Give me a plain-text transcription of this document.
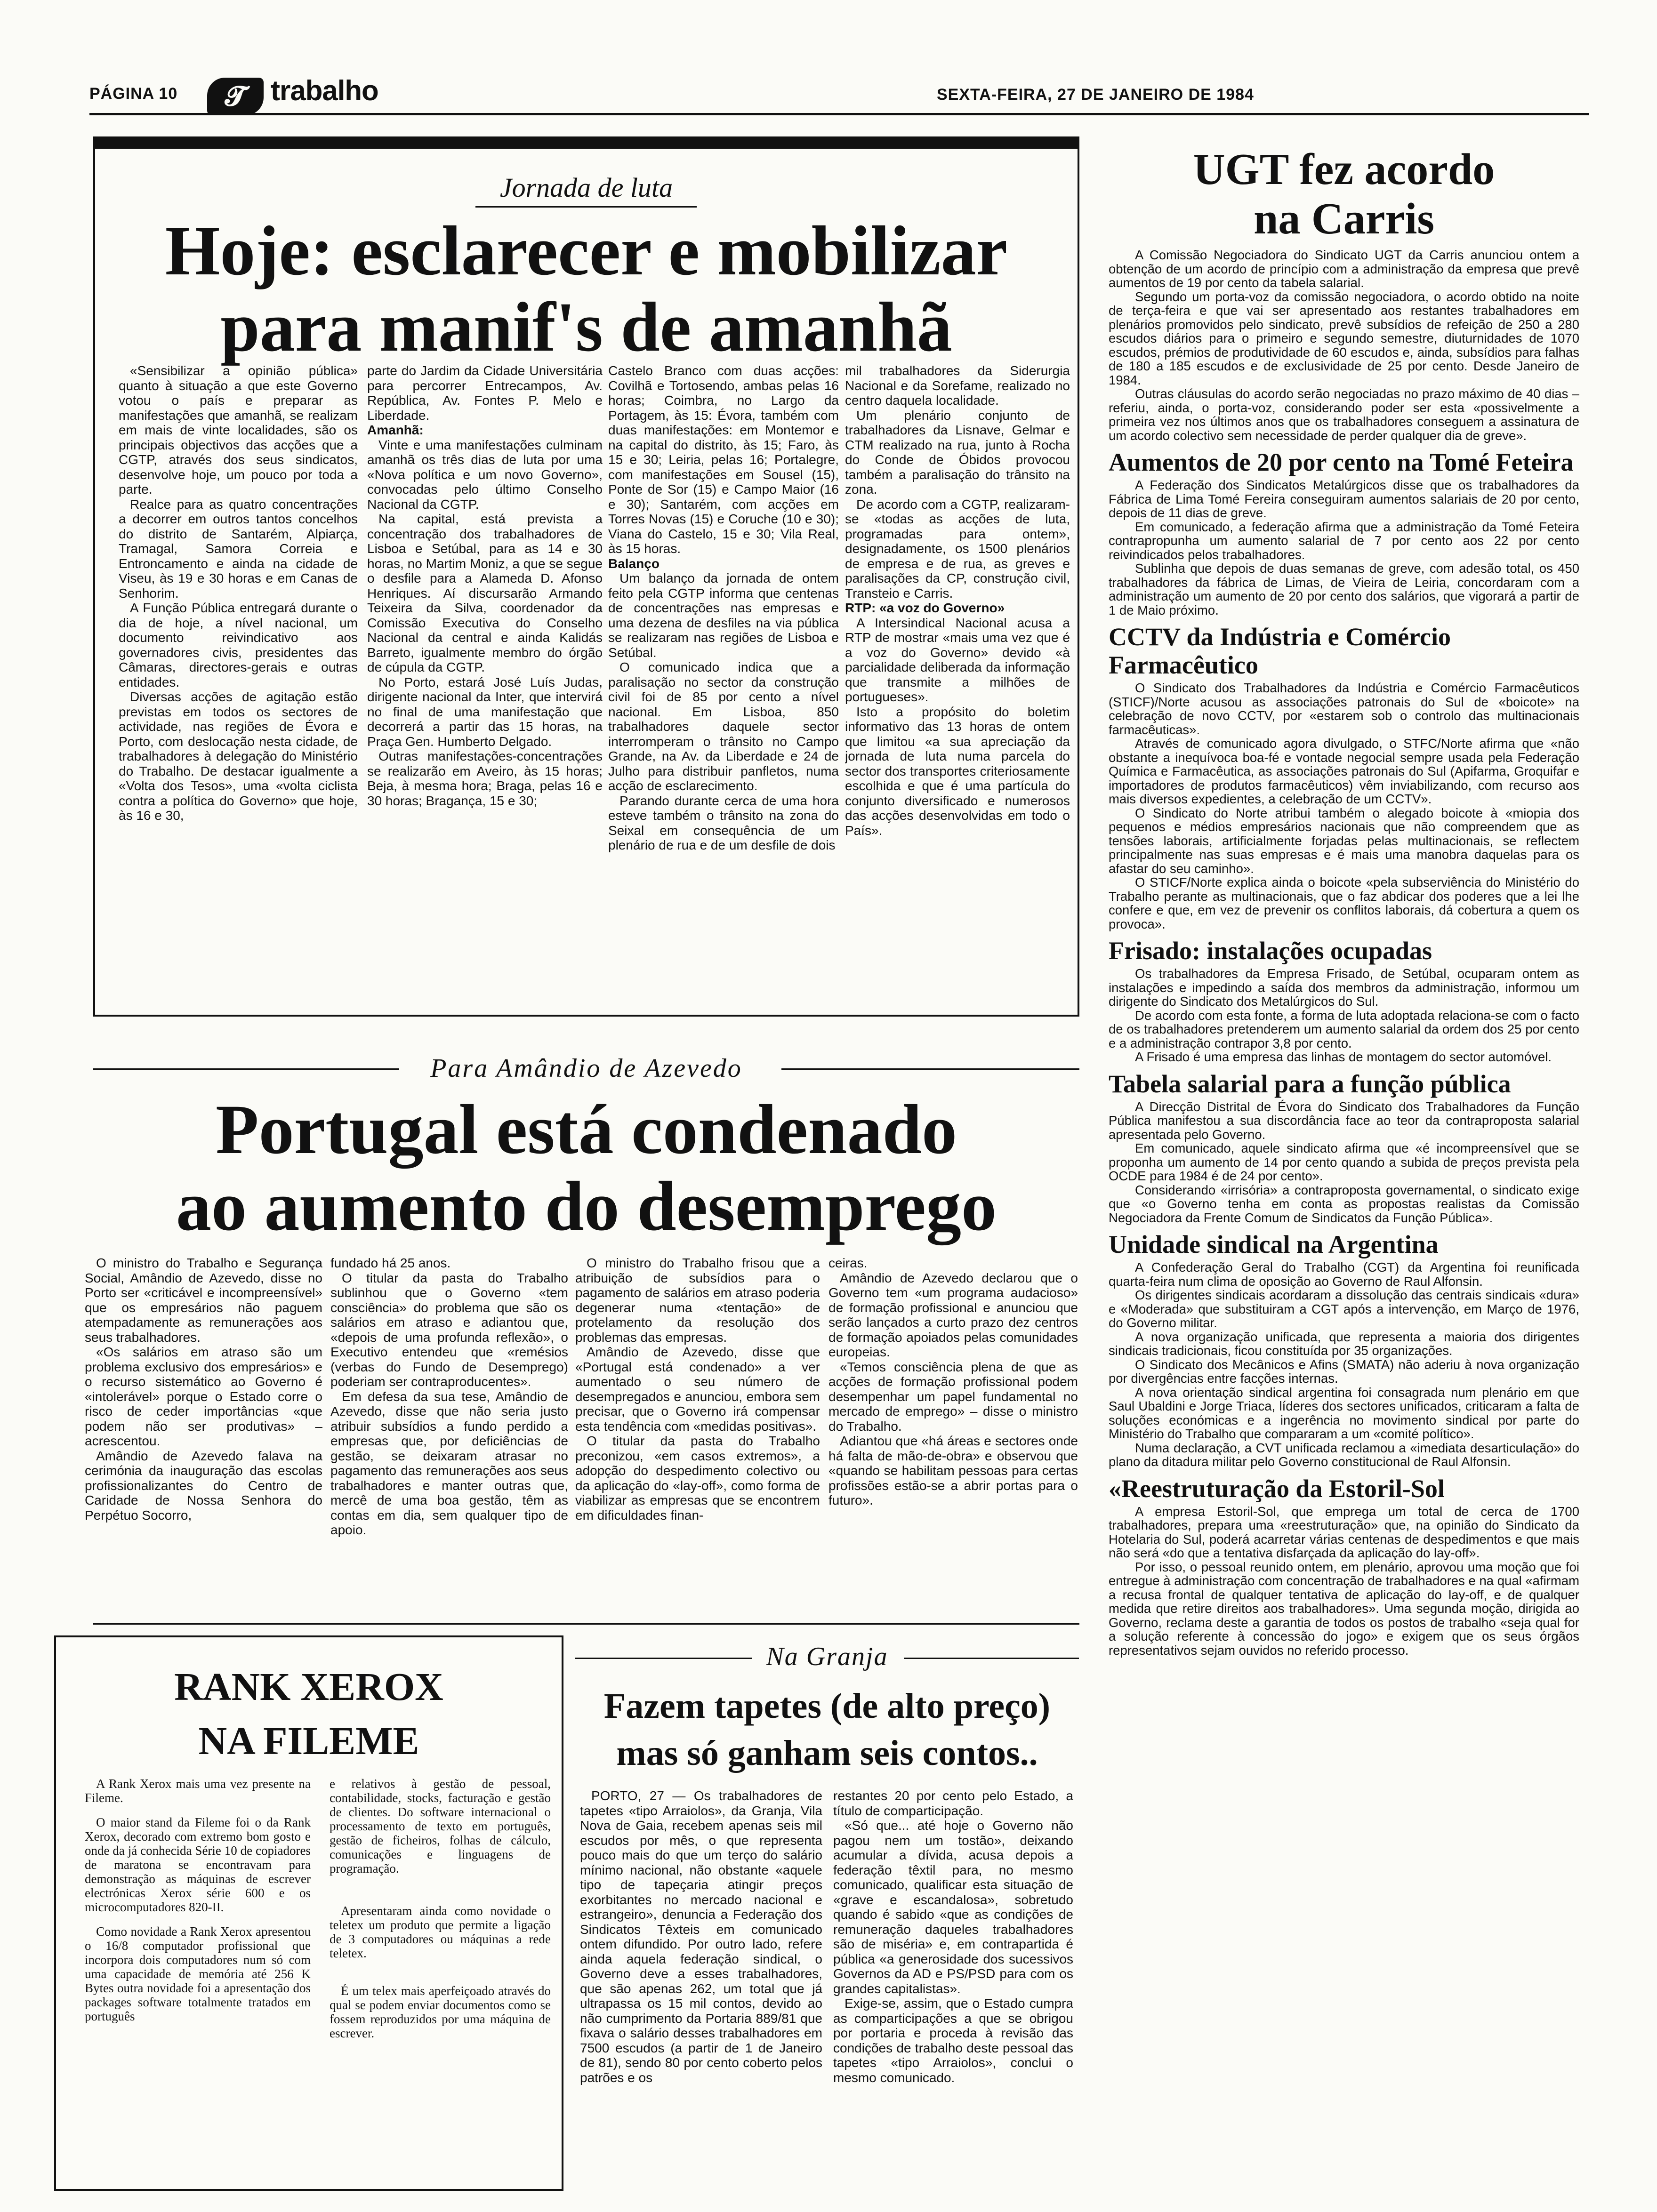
PÁGINA 10	𝓣 trabalho	SEXTA-FEIRA, 27 DE JANEIRO DE 1984
Jornada de luta
Hoje: esclarecer e mobilizar
para manif's de amanhã

«Sensibilizar a opinião pública» quanto à situação a que este Governo votou o país e preparar as manifestações que amanhã, se realizam em mais de vinte localidades, são os principais objectivos das acções que a CGTP, através dos seus sindicatos, desenvolve hoje, um pouco por toda a parte.

Realce para as quatro concentrações a decorrer em outros tantos concelhos do distrito de Santarém, Alpiarça, Tramagal, Samora Correia e Entroncamento e ainda na cidade de Viseu, às 19 e 30 horas e em Canas de Senhorim.

A Função Pública entregará durante o dia de hoje, a nível nacional, um documento reivindicativo aos governadores civis, presidentes das Câmaras, directores-gerais e outras entidades.

Diversas acções de agitação estão previstas em todos os sectores de actividade, nas regiões de Évora e Porto, com deslocação nesta cidade, de trabalhadores à delegação do Ministério do Trabalho. De destacar igualmente a «Volta dos Tesos», uma «volta ciclista contra a política do Governo» que hoje, às 16 e 30,

parte do Jardim da Cidade Universitária para percorrer Entrecampos, Av. República, Av. Fontes P. Melo e Liberdade.

Amanhã:

Vinte e uma manifestações culminam amanhã os três dias de luta por uma «Nova política e um novo Governo», convocadas pelo último Conselho Nacional da CGTP.

Na capital, está prevista a concentração dos trabalhadores de Lisboa e Setúbal, para as 14 e 30 horas, no Martim Moniz, a que se segue o desfile para a Alameda D. Afonso Henriques. Aí discursarão Armando Teixeira da Silva, coordenador da Comissão Executiva do Conselho Nacional da central e ainda Kalidás Barreto, igualmente membro do órgão de cúpula da CGTP.

No Porto, estará José Luís Judas, dirigente nacional da Inter, que intervirá no final de uma manifestação que decorrerá a partir das 15 horas, na Praça Gen. Humberto Delgado.

Outras manifestações-concentrações se realizarão em Aveiro, às 15 horas; Beja, à mesma hora; Braga, pelas 16 e 30 horas; Bragança, 15 e 30;

Castelo Branco com duas acções: Covilhã e Tortosendo, ambas pelas 16 horas; Coimbra, no Largo da Portagem, às 15: Évora, também com duas manifestações: em Montemor e na capital do distrito, às 15; Faro, às 15 e 30; Leiria, pelas 16; Portalegre, com manifestações em Sousel (15), Ponte de Sor (15) e Campo Maior (16 e 30); Santarém, com acções em Torres Novas (15) e Coruche (10 e 30); Viana do Castelo, 15 e 30; Vila Real, às 15 horas.

Balanço

Um balanço da jornada de ontem feito pela CGTP informa que centenas de concentrações nas empresas e uma dezena de desfiles na via pública se realizaram nas regiões de Lisboa e Setúbal.

O comunicado indica que a paralisação no sector da construção civil foi de 85 por cento a nível nacional. Em Lisboa, 850 trabalhadores daquele sector interromperam o trânsito no Campo Grande, na Av. da Liberdade e 24 de Julho para distribuir panfletos, numa acção de esclarecimento.

Parando durante cerca de uma hora esteve também o trânsito na zona do Seixal em consequência de um plenário de rua e de um desfile de dois

mil trabalhadores da Siderurgia Nacional e da Sorefame, realizado no centro daquela localidade.

Um plenário conjunto de trabalhadores da Lisnave, Gelmar e CTM realizado na rua, junto à Rocha do Conde de Óbidos provocou também a paralisação do trânsito na zona.

De acordo com a CGTP, realizaram-se «todas as acções de luta, programadas para ontem», designadamente, os 1500 plenários de empresa e de rua, as greves e paralisações da CP, construção civil, Transteio e Carris.

RTP: «a voz do Governo»

A Intersindical Nacional acusa a RTP de mostrar «mais uma vez que é a voz do Governo» devido «à parcialidade deliberada da informação que transmite a milhões de portugueses».

Isto a propósito do boletim informativo das 13 horas de ontem que limitou «a sua apreciação da jornada de luta numa parcela do sector dos transportes criteriosamente escolhida e que é uma partícula do conjunto diversificado e numerosos das acções desenvolvidas em todo o País».

Para Amândio de Azevedo
Portugal está condenado
ao aumento do desemprego

O ministro do Trabalho e Segurança Social, Amândio de Azevedo, disse no Porto ser «criticável e incompreensível» que os empresários não paguem atempadamente as remunerações aos seus trabalhadores.

«Os salários em atraso são um problema exclusivo dos empresários» e o recurso sistemático ao Governo é «intolerável» porque o Estado corre o risco de ceder importâncias «que podem não ser produtivas» – acrescentou.

Amândio de Azevedo falava na cerimónia da inauguração das escolas profissionalizantes do Centro de Caridade de Nossa Senhora do Perpétuo Socorro,

fundado há 25 anos.

O titular da pasta do Trabalho sublinhou que o Governo «tem consciência» do problema que são os salários em atraso e adiantou que, «depois de uma profunda reflexão», o Executivo entendeu que «remésios (verbas do Fundo de Desemprego) poderiam ser contraproducentes».

Em defesa da sua tese, Amândio de Azevedo, disse que não seria justo atribuir subsídios a fundo perdido a empresas que, por deficiências de gestão, se deixaram atrasar no pagamento das remunerações aos seus trabalhadores e manter outras que, mercê de uma boa gestão, têm as contas em dia, sem qualquer tipo de apoio.

O ministro do Trabalho frisou que a atribuição de subsídios para o pagamento de salários em atraso poderia degenerar numa «tentação» de protelamento da resolução dos problemas das empresas.

Amândio de Azevedo, disse que «Portugal está condenado» a ver aumentado o seu número de desempregados e anunciou, embora sem precisar, que o Governo irá compensar esta tendência com «medidas positivas».

O titular da pasta do Trabalho preconizou, «em casos extremos», a adopção do despedimento colectivo ou da aplicação do «lay-off», como forma de viabilizar as empresas que se encontrem em dificuldades finan-

ceiras.

Amândio de Azevedo declarou que o Governo tem «um programa audacioso» de formação profissional e anunciou que serão lançados a curto prazo dez centros de formação apoiados pelas comunidades europeias.

«Temos consciência plena de que as acções de formação profissional podem desempenhar um papel fundamental no mercado de emprego» – disse o ministro do Trabalho.

Adiantou que «há áreas e sectores onde há falta de mão-de-obra» e observou que «quando se habilitam pessoas para certas profissões estão-se a abrir portas para o futuro».

RANK XEROX
NA FILEME

A Rank Xerox mais uma vez presente na Fileme.

O maior stand da Fileme foi o da Rank Xerox, decorado com extremo bom gosto e onde da já conhecida Série 10 de copiadores de maratona se encontravam para demonstração as máquinas de escrever electrónicas Xerox série 600 e os microcomputadores 820-II.

Como novidade a Rank Xerox apresentou o 16/8 computador profissional que incorpora dois computadores num só com uma capacidade de memória até 256 K Bytes outra novidade foi a apresentação dos packages software totalmente tratados em português

e relativos à gestão de pessoal, contabilidade, stocks, facturação e gestão de clientes. Do software internacional o processamento de texto em português, gestão de ficheiros, folhas de cálculo, comunicações e linguagens de programação.

Apresentaram ainda como novidade o teletex um produto que permite a ligação de 3 computadores ou máquinas a rede teletex.

É um telex mais aperfeiçoado através do qual se podem enviar documentos como se fossem reproduzidos por uma máquina de escrever.

Na Granja
Fazem tapetes (de alto preço)
mas só ganham seis contos..

PORTO, 27 — Os trabalhadores de tapetes «tipo Arraiolos», da Granja, Vila Nova de Gaia, recebem apenas seis mil escudos por mês, o que representa pouco mais do que um terço do salário mínimo nacional, não obstante «aquele tipo de tapeçaria atingir preços exorbitantes no mercado nacional e estrangeiro», denuncia a Federação dos Sindicatos Têxteis em comunicado ontem difundido. Por outro lado, refere ainda aquela federação sindical, o Governo deve a esses trabalhadores, que são apenas 262, um total que já ultrapassa os 15 mil contos, devido ao não cumprimento da Portaria 889/81 que fixava o salário desses trabalhadores em 7500 escudos (a partir de 1 de Janeiro de 81), sendo 80 por cento coberto pelos patrões e os

restantes 20 por cento pelo Estado, a título de comparticipação.

«Só que... até hoje o Governo não pagou nem um tostão», deixando acumular a dívida, acusa depois a federação têxtil para, no mesmo comunicado, qualificar esta situação de «grave e escandalosa», sobretudo quando é sabido «que as condições de remuneração daqueles trabalhadores são de miséria» e, em contrapartida é pública «a generosidade dos sucessivos Governos da AD e PS/PSD para com os grandes capitalistas».

Exige-se, assim, que o Estado cumpra as comparticipações a que se obrigou por portaria e proceda à revisão das condições de trabalho deste pessoal das tapetes «tipo Arraiolos», conclui o mesmo comunicado.

UGT fez acordo
na Carris

A Comissão Negociadora do Sindicato UGT da Carris anunciou ontem a obtenção de um acordo de princípio com a administração da empresa que prevê aumentos de 19 por cento da tabela salarial.

Segundo um porta-voz da comissão negociadora, o acordo obtido na noite de terça-feira e que vai ser apresentado aos restantes trabalhadores em plenários promovidos pelo sindicato, prevê subsídios de refeição de 250 a 280 escudos diários para o primeiro e segundo semestre, diuturnidades de 1070 escudos, prémios de produtividade de 60 escudos e, ainda, subsídios para falhas de 180 a 185 escudos e de exclusividade de 25 por cento. Desde Janeiro de 1984.

Outras cláusulas do acordo serão negociadas no prazo máximo de 40 dias – referiu, ainda, o porta-voz, considerando poder ser esta «possivelmente a primeira vez nos últimos anos que os trabalhadores conseguem a assinatura de um acordo colectivo sem necessidade de perder qualquer dia de greve».

Aumentos de 20 por cento na Tomé Feteira

A Federação dos Sindicatos Metalúrgicos disse que os trabalhadores da Fábrica de Lima Tomé Fereira conseguiram aumentos salariais de 20 por cento, depois de 11 dias de greve.

Em comunicado, a federação afirma que a administração da Tomé Feteira contrapropunha um aumento salarial de 7 por cento aos 22 por cento reivindicados pelos trabalhadores.

Sublinha que depois de duas semanas de greve, com adesão total, os 450 trabalhadores da fábrica de Limas, de Vieira de Leiria, concordaram com a administração um aumento de 20 por cento dos salários, que vigorará a partir de 1 de Maio próximo.

CCTV da Indústria e Comércio Farmacêutico

O Sindicato dos Trabalhadores da Indústria e Comércio Farmacêuticos (STICF)/Norte acusou as associações patronais do Sul de «boicote» na celebração de novo CCTV, por «estarem sob o controlo das multinacionais farmacêuticas».

Através de comunicado agora divulgado, o STFC/Norte afirma que «não obstante a inequívoca boa-fé e vontade negocial sempre usada pela Federação Química e Farmacêutica, as associações patronais do Sul (Apifarma, Groquifar e importadores de produtos farmacêuticos) vêm inviabilizando, com recurso aos mais diversos expedientes, a celebração de um CCTV».

O Sindicato do Norte atribui também o alegado boicote à «miopia dos pequenos e médios empresários nacionais que não compreendem que as tensões laborais, artificialmente forjadas pelas multinacionais, se reflectem principalmente nas suas empresas e é mais uma manobra daquelas para os afastar do seu caminho».

O STICF/Norte explica ainda o boicote «pela subserviência do Ministério do Trabalho perante as multinacionais, que o faz abdicar dos poderes que a lei lhe confere e que, em vez de prevenir os conflitos laborais, dá cobertura a quem os provoca».

Frisado: instalações ocupadas

Os trabalhadores da Empresa Frisado, de Setúbal, ocuparam ontem as instalações e impedindo a saída dos membros da administração, informou um dirigente do Sindicato dos Metalúrgicos do Sul.

De acordo com esta fonte, a forma de luta adoptada relaciona-se com o facto de os trabalhadores pretenderem um aumento salarial da ordem dos 25 por cento e a administração contrapor 3,8 por cento.

A Frisado é uma empresa das linhas de montagem do sector automóvel.

Tabela salarial para a função pública

A Direcção Distrital de Évora do Sindicato dos Trabalhadores da Função Pública manifestou a sua discordância face ao teor da contraproposta salarial apresentada pelo Governo.

Em comunicado, aquele sindicato afirma que «é incompreensível que se proponha um aumento de 14 por cento quando a subida de preços prevista pela OCDE para 1984 é de 24 por cento».

Considerando «irrisória» a contraproposta governamental, o sindicato exige que «o Governo tenha em conta as propostas realistas da Comissão Negociadora da Frente Comum de Sindicatos da Função Pública».

Unidade sindical na Argentina

A Confederação Geral do Trabalho (CGT) da Argentina foi reunificada quarta-feira num clima de oposição ao Governo de Raul Alfonsin.

Os dirigentes sindicais acordaram a dissolução das centrais sindicais «dura» e «Moderada» que substituiram a CGT após a intervenção, em Março de 1976, do Governo militar.

A nova organização unificada, que representa a maioria dos dirigentes sindicais tradicionais, ficou constituída por 35 organizações.

O Sindicato dos Mecânicos e Afins (SMATA) não aderiu à nova organização por divergências entre facções internas.

A nova orientação sindical argentina foi consagrada num plenário em que Saul Ubaldini e Jorge Triaca, líderes dos sectores unificados, criticaram a falta de soluções económicas e a ingerência no movimento sindical por parte do Ministério do Trabalho que compararam a um «comité político».

Numa declaração, a CVT unificada reclamou a «imediata desarticulação» do plano da ditadura militar pelo Governo constitucional de Raul Alfonsin.

«Reestruturação da Estoril-Sol

A empresa Estoril-Sol, que emprega um total de cerca de 1700 trabalhadores, prepara uma «reestruturação» que, na opinião do Sindicato da Hotelaria do Sul, poderá acarretar várias centenas de despedimentos e que mais não será «do que a tentativa disfarçada da aplicação do lay-off».

Por isso, o pessoal reunido ontem, em plenário, aprovou uma moção que foi entregue à administração com concentração de trabalhadores e na qual «afirmam a recusa frontal de qualquer tentativa de aplicação do lay-off, e de qualquer medida que retire direitos aos trabalhadores». Uma segunda moção, dirigida ao Governo, reclama deste a garantia de todos os postos de trabalho «seja qual for a solução referente à concessão do jogo» e exigem que os seus órgãos representativos sejam ouvidos no referido processo.
